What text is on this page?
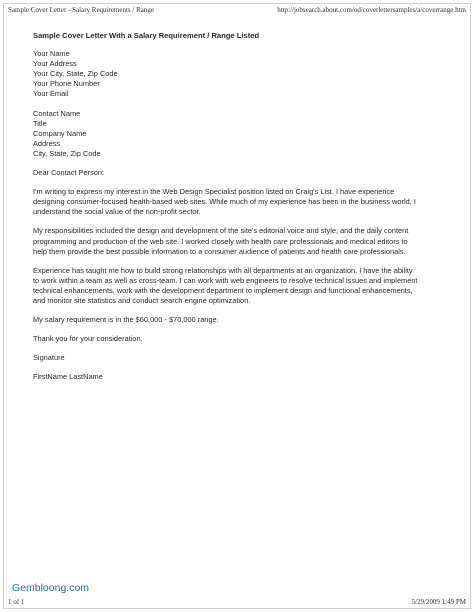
Sample Cover Letter - Salary Requirements / Range	http://jobsearch.about.com/od/coverlettersamples/a/coverrange.htm
Sample Cover Letter With a Salary Requirement / Range Listed
Your Name
Your Address
Your City, State, Zip Code
Your Phone Number
Your Email
Contact Name
Title
Company Name
Address
City, State, Zip Code
Dear Contact Person:
I'm writing to express my interest in the Web Design Specialist position listed on Craig's List. I have experience
designing consumer-focused health-based web sites. While much of my experience has been in the business world, I
understand the social value of the non-profit sector.
My responsibilities included the design and development of the site's editorial voice and style, and the daily content
programming and production of the web site. I worked closely with health care professionals and medical editors to
help them provide the best possible information to a consumer audience of patients and health care professionals.
Experience has taught me how to build strong relationships with all departments at an organization. I have the ability
to work within a team as well as cross-team. I can work with web engineers to resolve technical issues and implement
technical enhancements, work with the development department to implement design and functional enhancements,
and monitor site statistics and conduct search engine optimization.
My salary requirement is in the $60,000 - $70,000 range.
Thank you for your consideration.
Signature
FirstName LastName
Gembloong.com
1 of 1	5/29/2009 1:49 PM
